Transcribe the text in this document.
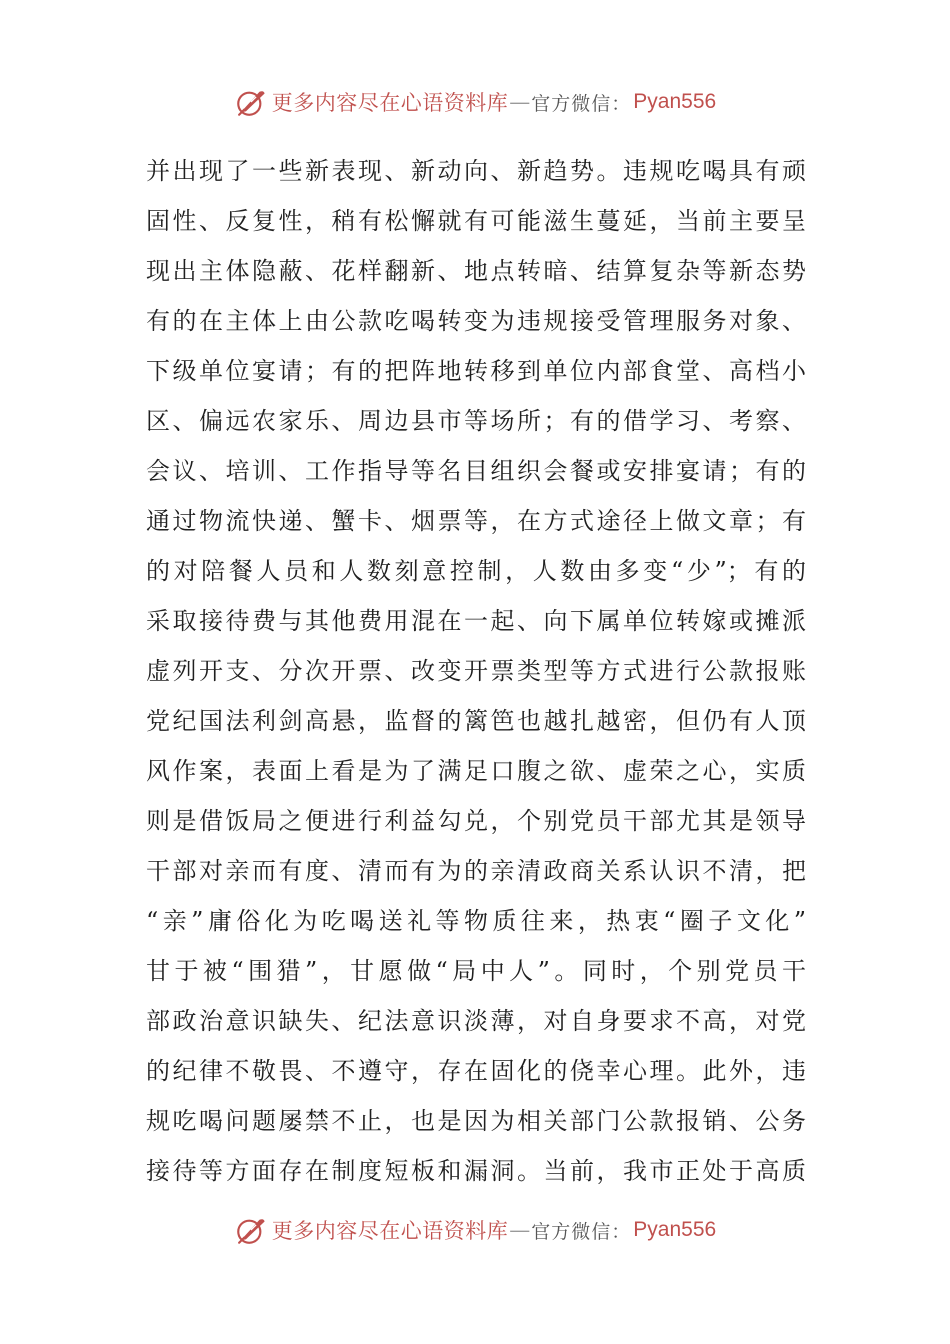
更多内容尽在心语资料库 — 官方微信： Pyan556
并出现了一些新表现、新动向、新趋势。违规吃喝具有顽
固性、反复性，稍有松懈就有可能滋生蔓延，当前主要呈
现出主体隐蔽、花样翻新、地点转暗、结算复杂等新态势
有的在主体上由公款吃喝转变为违规接受管理服务对象、
下级单位宴请；有的把阵地转移到单位内部食堂、高档小
区、偏远农家乐、周边县市等场所；有的借学习、考察、
会议、培训、工作指导等名目组织会餐或安排宴请；有的
通过物流快递、蟹卡、烟票等，在方式途径上做文章；有
的对陪餐人员和人数刻意控制，人数由多变“少”；有的
采取接待费与其他费用混在一起、向下属单位转嫁或摊派
虚列开支、分次开票、改变开票类型等方式进行公款报账
党纪国法利剑高悬，监督的篱笆也越扎越密，但仍有人顶
风作案，表面上看是为了满足口腹之欲、虚荣之心，实质
则是借饭局之便进行利益勾兑，个别党员干部尤其是领导
干部对亲而有度、清而有为的亲清政商关系认识不清，把
“亲”庸俗化为吃喝送礼等物质往来，热衷“圈子文化”
甘于被“围猎”，甘愿做“局中人”。同时，个别党员干
部政治意识缺失、纪法意识淡薄，对自身要求不高，对党
的纪律不敬畏、不遵守，存在固化的侥幸心理。此外，违
规吃喝问题屡禁不止，也是因为相关部门公款报销、公务
接待等方面存在制度短板和漏洞。当前，我市正处于高质
更多内容尽在心语资料库 — 官方微信： Pyan556
